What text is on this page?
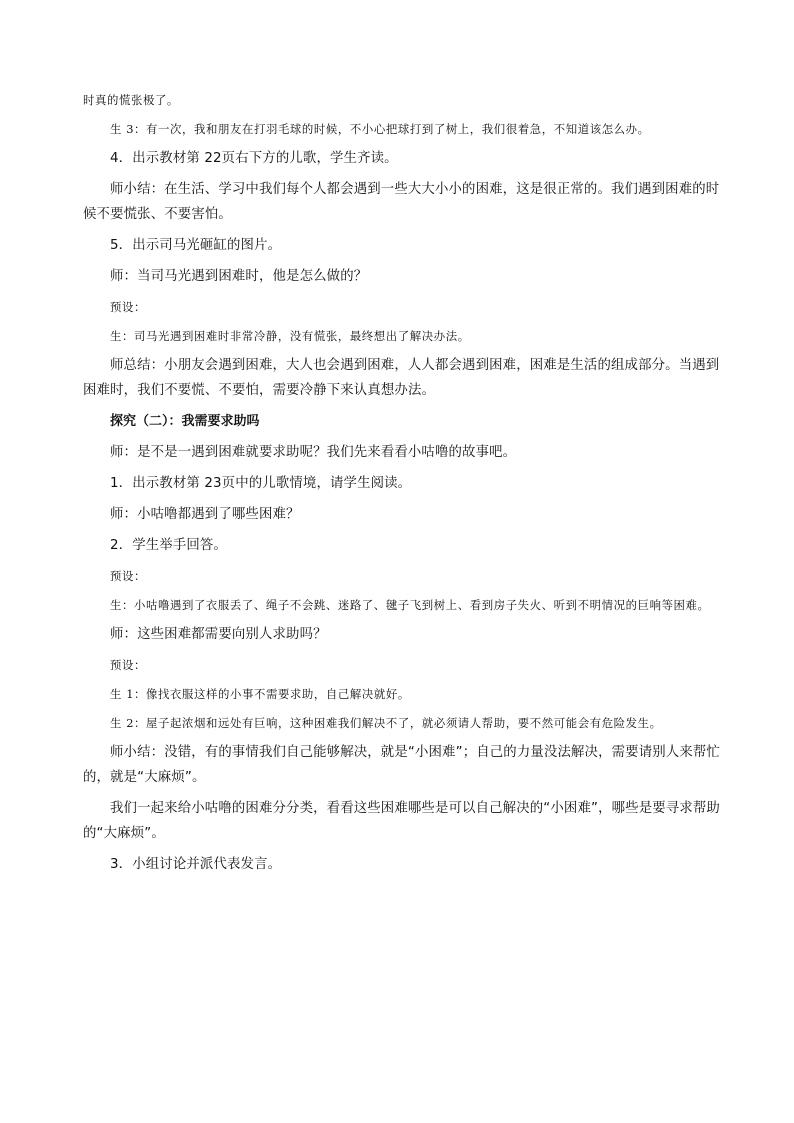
时真的慌张极了。

生 3：有一次，我和朋友在打羽毛球的时候，不小心把球打到了树上，我们很着急，不知道该怎么办。

4．出示教材第 22页右下方的儿歌，学生齐读。

师小结：在生活、学习中我们每个人都会遇到一些大大小小的困难，这是很正常的。我们遇到困难的时候不要慌张、不要害怕。

5．出示司马光砸缸的图片。

师：当司马光遇到困难时，他是怎么做的？

预设：

生：司马光遇到困难时非常冷静，没有慌张，最终想出了解决办法。

师总结：小朋友会遇到困难，大人也会遇到困难，人人都会遇到困难，困难是生活的组成部分。当遇到困难时，我们不要慌、不要怕，需要冷静下来认真想办法。

探究（二）：我需要求助吗

师：是不是一遇到困难就要求助呢？我们先来看看小咕噜的故事吧。

1．出示教材第 23页中的儿歌情境，请学生阅读。

师：小咕噜都遇到了哪些困难？

2．学生举手回答。

预设：

生：小咕噜遇到了衣服丢了、绳子不会跳、迷路了、毽子飞到树上、看到房子失火、听到不明情况的巨响等困难。

师：这些困难都需要向别人求助吗？

预设：

生 1：像找衣服这样的小事不需要求助，自己解决就好。

生 2：屋子起浓烟和远处有巨响，这种困难我们解决不了，就必须请人帮助，要不然可能会有危险发生。

师小结：没错，有的事情我们自己能够解决，就是“小困难”；自己的力量没法解决，需要请别人来帮忙的，就是“大麻烦”。

我们一起来给小咕噜的困难分分类，看看这些困难哪些是可以自己解决的“小困难”，哪些是要寻求帮助的“大麻烦”。

3．小组讨论并派代表发言。
